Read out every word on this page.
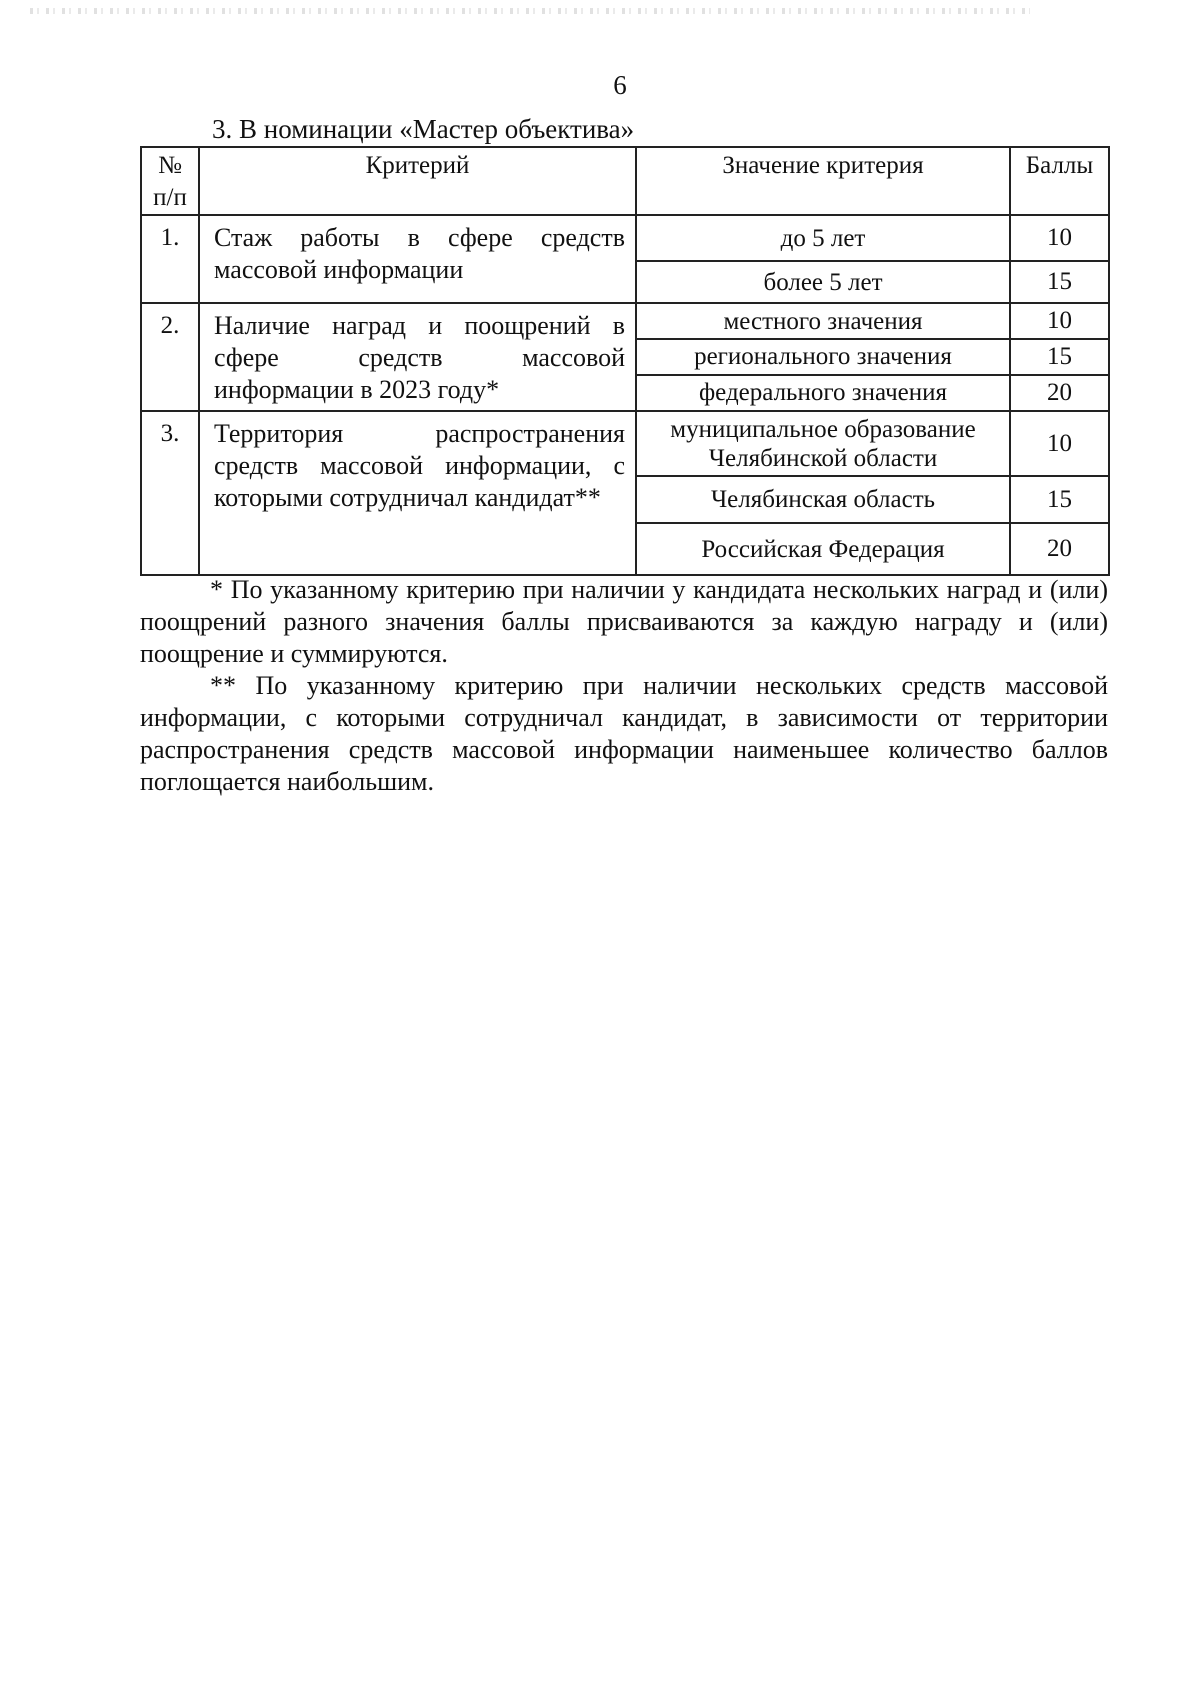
6
3. В номинации «Мастер объектива»
№
п/п	Критерий	Значение критерия	Баллы

1.	Стаж работы в сфере средств массовой информации	до 5 лет	10
		более 5 лет	15
2.	Наличие наград и поощрений в сфере средств массовой информации в 2023 году*	местного значения	10
		регионального значения	15
		федерального значения	20
3.	Территория распространения средств массовой информации, с которыми сотрудничал кандидат**	муниципальное образование Челябинской области	10
		Челябинская область	15
		Российская Федерация	20

* По указанному критерию при наличии у кандидата нескольких наград и (или) поощрений разного значения баллы присваиваются за каждую награду и (или) поощрение и суммируются.

** По указанному критерию при наличии нескольких средств массовой информации, с которыми сотрудничал кандидат, в зависимости от территории распространения средств массовой информации наименьшее количество баллов поглощается наибольшим.
